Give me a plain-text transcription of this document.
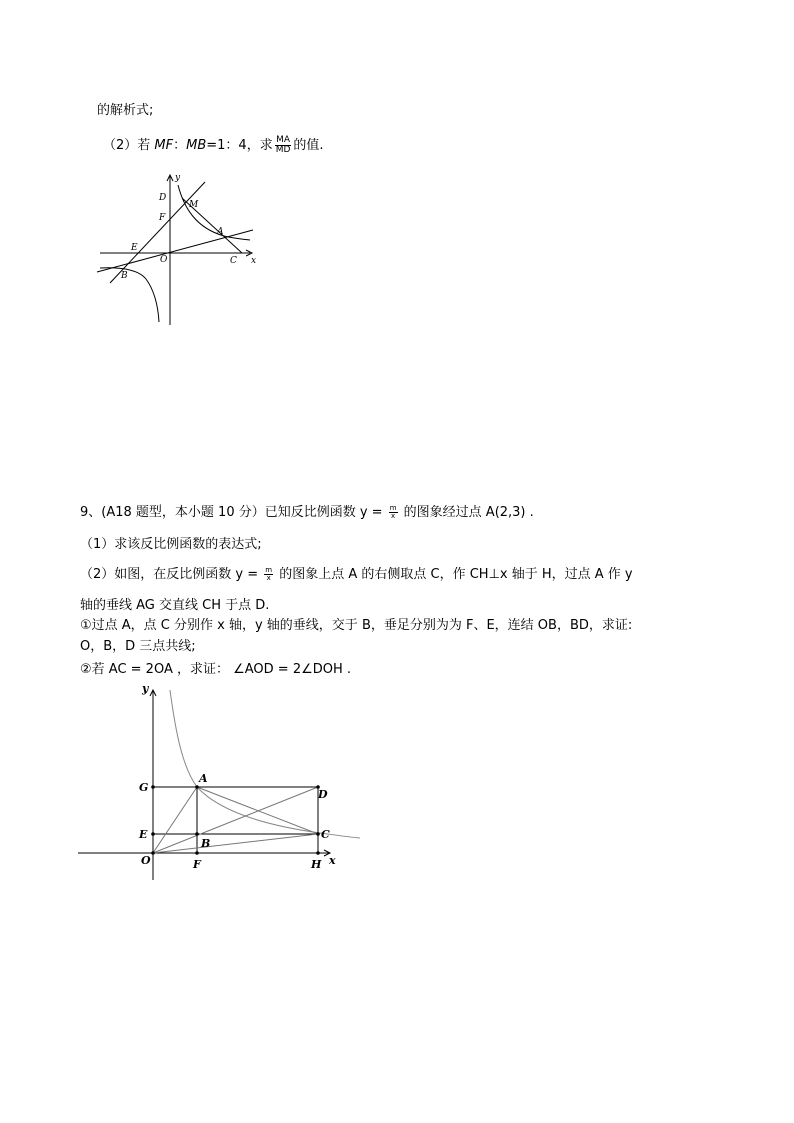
的解析式;
（2）若 MF：MB=1：4，求 $\frac{MA}{MD}$ 的值.
y
D
M
F
A
E
O	C x
B
9、(A18 题型，本小题 10 分）已知反比例函数 $y = \frac{m}{x}$ 的图象经过点 A(2,3) .
（1）求该反比例函数的表达式;
（2）如图，在反比例函数 $y = \frac{m}{x}$ 的图象上点 A 的右侧取点 C，作 CH⊥x 轴于 H，过点 A 作 y
轴的垂线 AG 交直线 CH 于点 D.
①过点 A，点 C 分别作 x 轴，y 轴的垂线，交于 B，垂足分别为为 F、E，连结 OB，BD，求证:
O，B，D 三点共线;
②若 AC = 2OA ，求证： ∠AOD = 2∠DOH .
y
G
A
D
E	C
B
O	F	H x
